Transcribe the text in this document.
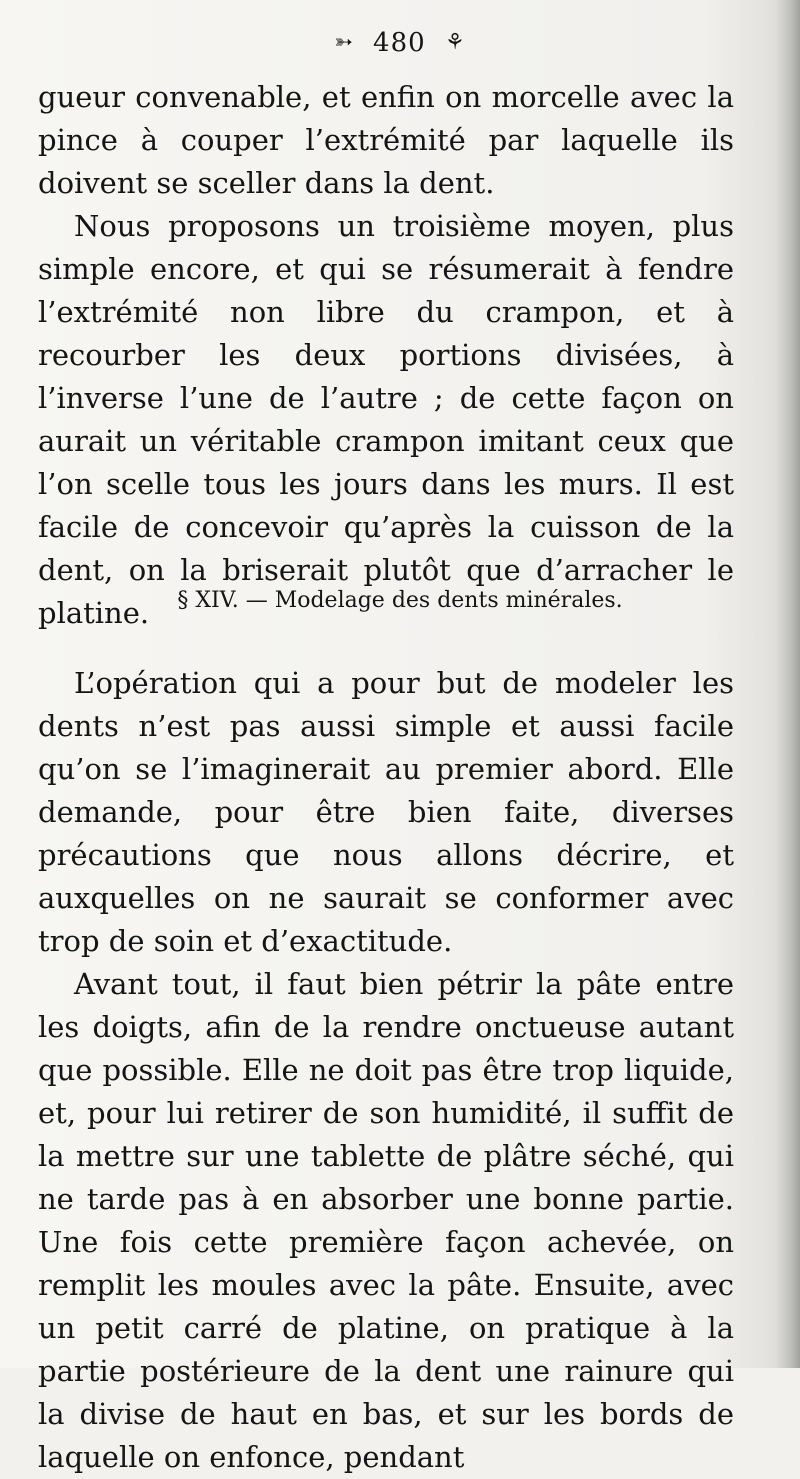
➳ 480 ⚘

gueur convenable, et enfin on morcelle avec la pince à couper l’extrémité par laquelle ils doivent se sceller dans la dent.

Nous proposons un troisième moyen, plus simple encore, et qui se résumerait à fendre l’extrémité non libre du crampon, et à recourber les deux portions divisées, à l’inverse l’une de l’autre ; de cette façon on aurait un véritable crampon imitant ceux que l’on scelle tous les jours dans les murs. Il est facile de concevoir qu’après la cuisson de la dent, on la briserait plutôt que d’arracher le platine.	§ XIV. — Modelage des dents minérales.

L’opération qui a pour but de modeler les dents n’est pas aussi simple et aussi facile qu’on se l’imaginerait au premier abord. Elle demande, pour être bien faite, diverses précautions que nous allons décrire, et auxquelles on ne saurait se conformer avec trop de soin et d’exactitude.

Avant tout, il faut bien pétrir la pâte entre les doigts, afin de la rendre onctueuse autant que possible. Elle ne doit pas être trop liquide, et, pour lui retirer de son humidité, il suffit de la mettre sur une tablette de plâtre séché, qui ne tarde pas à en absorber une bonne partie. Une fois cette première façon achevée, on remplit les moules avec la pâte. Ensuite, avec un petit carré de platine, on pratique à la partie postérieure de la dent une rainure qui la divise de haut en bas, et sur les bords de laquelle on enfonce, pendant
